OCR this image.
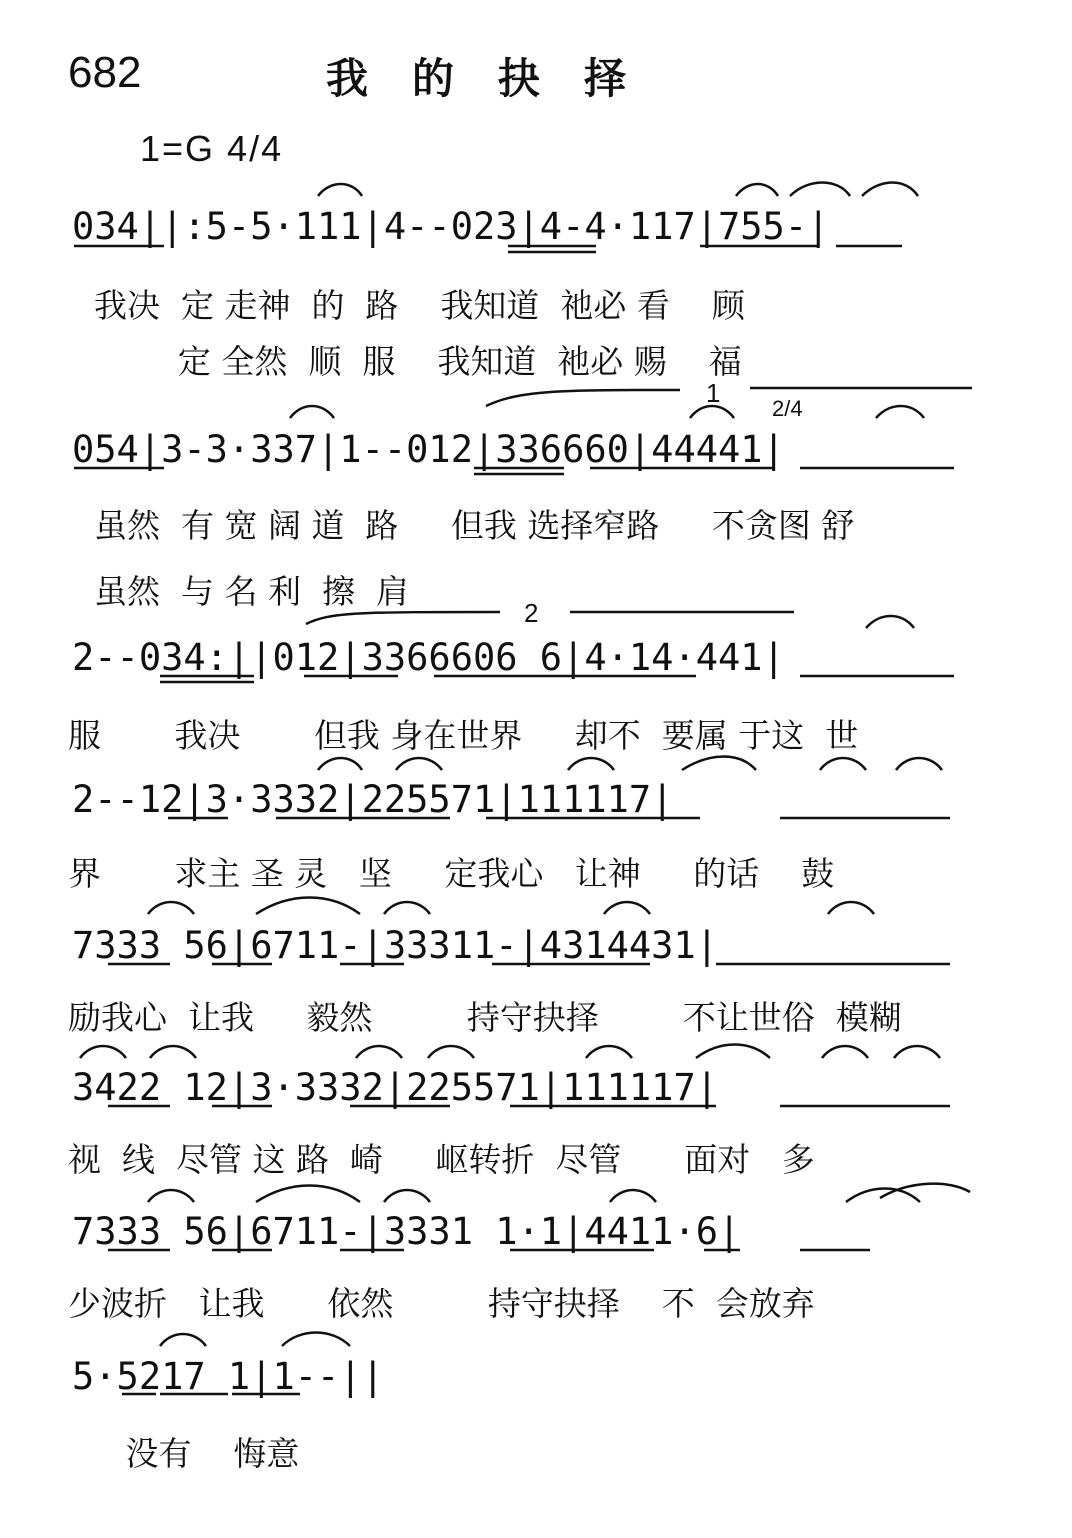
682	我的抉择
1=G 4/4
034||:5-5·111|4--023|4-4·117|755-|
我决  定 走神  的  路    我知道  祂必 看    顾
定 全然  顺  服    我知道  祂必 赐    福
054|3-3·337|1--012|336660|44441|
虽然  有 宽 阔 道  路     但我 选择窄路     不贪图 舒
虽然  与 名 利  擦  肩
2--034:||012|3366606 6|4·14·441|
服       我决       但我 身在世界     却不  要属 于这  世
2--12|3·3332|225571|111117|
界       求主 圣 灵   坚     定我心   让神     的话    鼓
7333 56|6711-|33311-|4314431|
励我心  让我     毅然         持守抉择        不让世俗  模糊
3422 12|3·3332|225571|111117|
视  线  尽管 这 路  崎     岖转折  尽管      面对   多
7333 56|6711-|3331 1·1|4411·6|
少波折   让我      依然         持守抉择    不  会放弃
5·5217 1|1--||
没有    悔意
1
2/4
2
